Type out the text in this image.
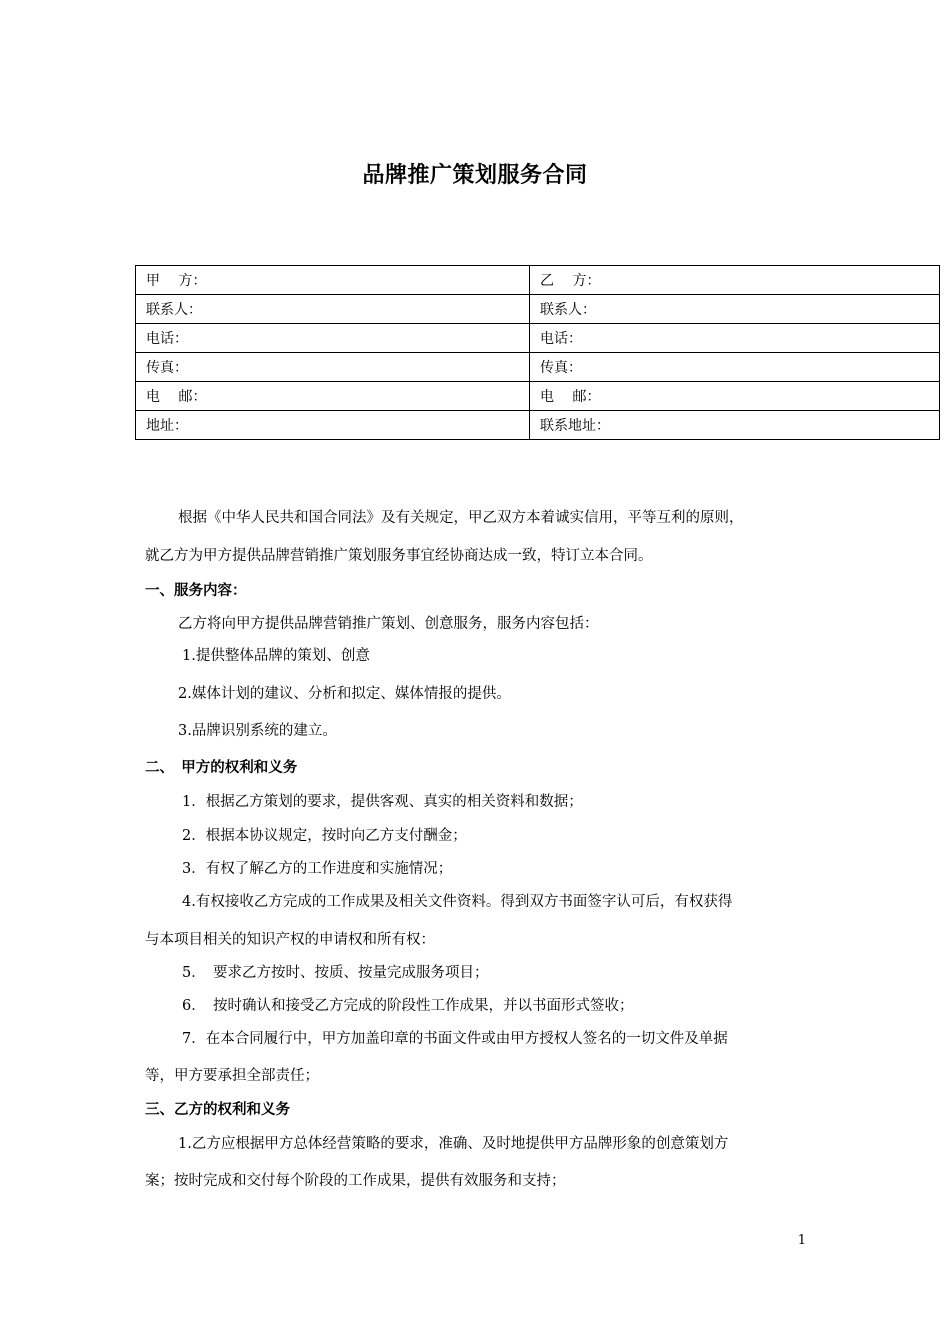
品牌推广策划服务合同
甲　 方：	乙　 方：
联系人：	联系人：
电话：	电话：
传真：	传真：
电　 邮：	电　 邮：
地址：	联系地址：
根据《中华人民共和国合同法》及有关规定，甲乙双方本着诚实信用，平等互利的原则，
就乙方为甲方提供品牌营销推广策划服务事宜经协商达成一致，特订立本合同。
一、服务内容：
乙方将向甲方提供品牌营销推广策划、创意服务，服务内容包括：
1.提供整体品牌的策划、创意
2.媒体计划的建议、分析和拟定、媒体情报的提供。
3.品牌识别系统的建立。
二、　甲方的权利和义务
1．根据乙方策划的要求，提供客观、真实的相关资料和数据；
2．根据本协议规定，按时向乙方支付酬金；
3．有权了解乙方的工作进度和实施情况；
4.有权接收乙方完成的工作成果及相关文件资料。得到双方书面签字认可后，有权获得
与本项目相关的知识产权的申请权和所有权：
5．　要求乙方按时、按质、按量完成服务项目；
6．　按时确认和接受乙方完成的阶段性工作成果，并以书面形式签收；
7．在本合同履行中，甲方加盖印章的书面文件或由甲方授权人签名的一切文件及单据
等，甲方要承担全部责任；
三、乙方的权利和义务
1.乙方应根据甲方总体经营策略的要求，准确、及时地提供甲方品牌形象的创意策划方
案；按时完成和交付每个阶段的工作成果，提供有效服务和支持；
1
